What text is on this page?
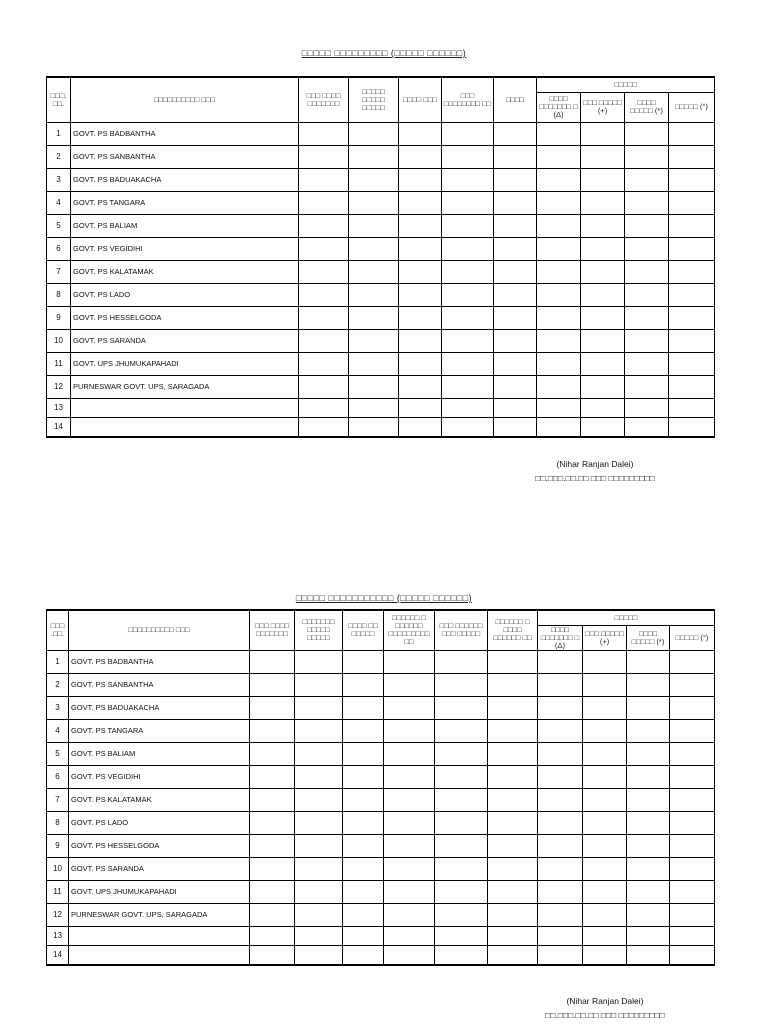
□□□□□ □□□□□□□□□ (□□□□□ □□□□□□)
□□□. □□.	□□□□□□□□□□ □□□	□□□ □□□□ □□□□□□□	□□□□□ □□□□□ □□□□□	□□□□ □□□	□□□ □□□□□□□□ □□	□□□□	□□□□□			
							□□□□ □□□□□□□ □ (Δ)	□□□ □□□□□ (+)	□□□□ □□□□□ (*)	□□□□□ (°)
1	GOVT. PS BADBANTHA									
2	GOVT. PS SANBANTHA									
3	GOVT. PS BADUAKACHA									
4	GOVT. PS TANGARA									
5	GOVT. PS BALIAM									
6	GOVT. PS VEGIDIHI									
7	GOVT. PS KALATAMAK									
8	GOVT. PS LADO									
9	GOVT. PS HESSELGODA									
10	GOVT. PS SARANDA									
11	GOVT. UPS JHUMUKAPAHADI									
12	PURNESWAR GOVT. UPS, SARAGADA									
13										
14										
(Nihar Ranjan Dalei)
□□.□□□.□□.□□ □□□ □□□□□□□□□
□□□□□ □□□□□□□□□□□ (□□□□□ □□□□□□)
□□□ .□□.	□□□□□□□□□□ □□□	□□□ □□□□ □□□□□□□	□□□□□□□ □□□□□ □□□□□	□□□□ □□ □□□□□	□□□□□□ □ □□□□□□ □□□□□□□□□ □□	□□□ □□□□□□ □□□ □□□□□	□□□□□□ □ □□□□ □□□□□□ □□	□□□□□			
								□□□□ □□□□□□□ □ (Δ)	□□□ □□□□□ (+)	□□□□ □□□□□ (*)	□□□□□ (°)
1	GOVT. PS BADBANTHA										
2	GOVT. PS SANBANTHA										
3	GOVT. PS BADUAKACHA										
4	GOVT. PS TANGARA										
5	GOVT. PS BALIAM										
6	GOVT. PS VEGIDIHI										
7	GOVT. PS KALATAMAK										
8	GOVT. PS LADO										
9	GOVT. PS HESSELGODA										
10	GOVT. PS SARANDA										
11	GOVT. UPS JHUMUKAPAHADI										
12	PURNESWAR GOVT. UPS, SARAGADA										
13											
14											
(Nihar Ranjan Dalei)
□□.□□□.□□.□□ □□□ □□□□□□□□□
